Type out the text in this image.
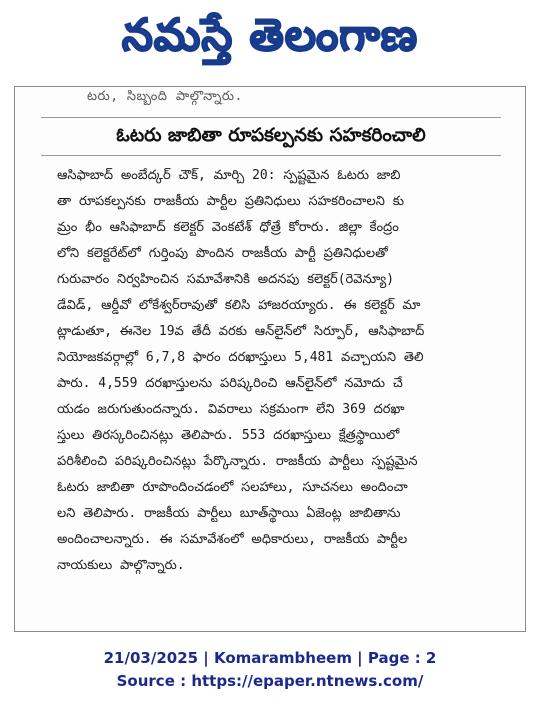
నమస్తే తెలంగాణ
టరు, సిబ్బంది పాల్గొన్నారు.
ఓటరు జాబితా రూపకల్పనకు సహకరించాలి
ఆసిఫాబాద్ అంబేద్కర్ చౌక్, మార్చి 20: స్పష్టమైన ఓటరు జాబి
తా రూపకల్పనకు రాజకీయ పార్టీల ప్రతినిధులు సహకరించాలని కు
మ్రం భీం ఆసిఫాబాద్ కలెక్టర్ వెంకటేశ్ ధోత్రే కోరారు. జిల్లా కేంద్రం
లోని కలెక్టరేట్‌లో గుర్తింపు పొందిన రాజకీయ పార్టీ ప్రతినిధులతో
గురువారం నిర్వహించిన సమావేశానికి అదనపు కలెక్టర్(రెవెన్యూ)
డేవిడ్, ఆర్డీవో లోకేశ్వర్‌రావుతో కలిసి హాజరయ్యారు. ఈ కలెక్టర్ మా
ట్లాడుతూ, ఈనెల 19వ తేదీ వరకు ఆన్‌లైన్‌లో సిర్పూర్, ఆసిఫాబాద్
నియోజకవర్గాల్లో 6,7,8 ఫారం దరఖాస్తులు 5,481 వచ్చాయని తెలి
పారు. 4,559 దరఖాస్తులను పరిష్కరించి ఆన్‌లైన్‌లో నమోదు చే
యడం జరుగుతుందన్నారు. వివరాలు సక్రమంగా లేని 369 దరఖా
స్తులు తిరస్కరించినట్లు తెలిపారు. 553 దరఖాస్తులు క్షేత్రస్థాయిలో
పరిశీలించి పరిష్కరించినట్లు పేర్కొన్నారు. రాజకీయ పార్టీలు స్పష్టమైన
ఓటరు జాబితా రూపొందించడంలో సలహాలు, సూచనలు అందించా
లని తెలిపారు. రాజకీయ పార్టీలు బూత్‌స్థాయి ఏజెంట్ల జాబితాను
అందించాలన్నారు. ఈ సమావేశంలో అధికారులు, రాజకీయ పార్టీల
నాయకులు పాల్గొన్నారు.
21/03/2025 | Komarambheem | Page : 2
Source : https://epaper.ntnews.com/
